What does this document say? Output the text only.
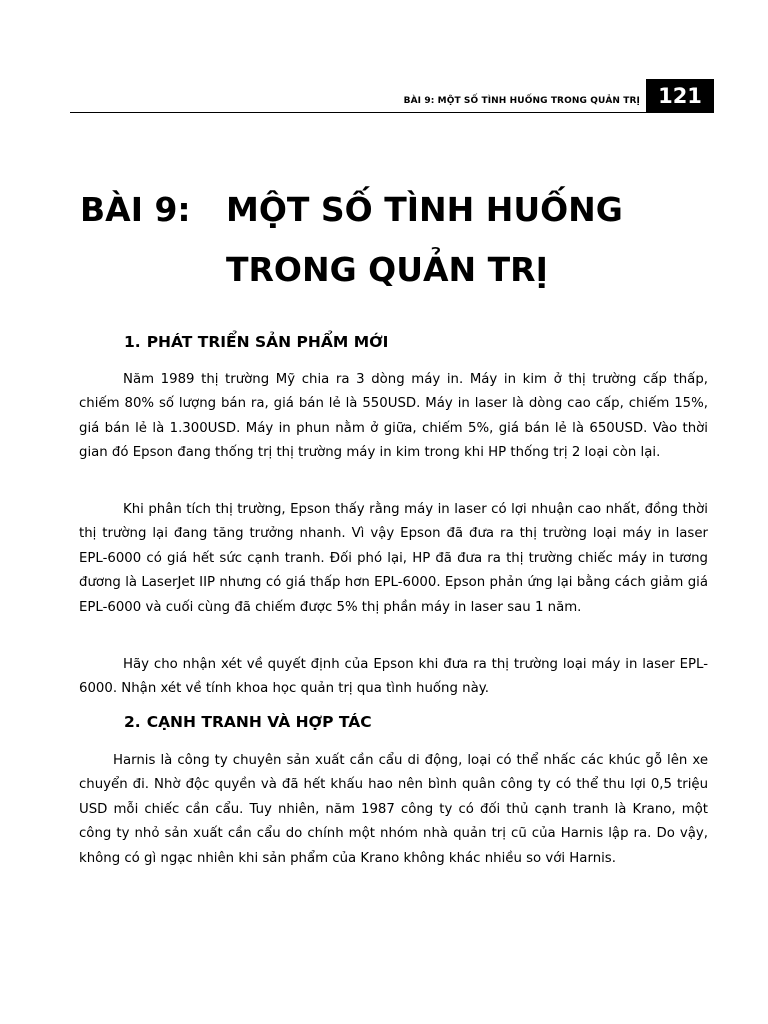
BÀI 9: MỘT SỐ TÌNH HUỐNG TRONG QUẢN TRỊ 121
BÀI 9: MỘT SỐ TÌNH HUỐNG
TRONG QUẢN TRỊ
1. PHÁT TRIỂN SẢN PHẨM MỚI

Năm 1989 thị trường Mỹ chia ra 3 dòng máy in. Máy in kim ở thị trường cấp thấp, chiếm 80% số lượng bán ra, giá bán lẻ là 550USD. Máy in laser là dòng cao cấp, chiếm 15%, giá bán lẻ là 1.300USD. Máy in phun nằm ở giữa, chiếm 5%, giá bán lẻ là 650USD. Vào thời gian đó Epson đang thống trị thị trường máy in kim trong khi HP thống trị 2 loại còn lại.

Khi phân tích thị trường, Epson thấy rằng máy in laser có lợi nhuận cao nhất, đồng thời thị trường lại đang tăng trưởng nhanh. Vì vậy Epson đã đưa ra thị trường loại máy in laser EPL-6000 có giá hết sức cạnh tranh. Đối phó lại, HP đã đưa ra thị trường chiếc máy in tương đương là LaserJet IIP nhưng có giá thấp hơn EPL-6000. Epson phản ứng lại bằng cách giảm giá EPL-6000 và cuối cùng đã chiếm được 5% thị phần máy in laser sau 1 năm.

Hãy cho nhận xét về quyết định của Epson khi đưa ra thị trường loại máy in laser EPL-6000. Nhận xét về tính khoa học quản trị qua tình huống này.

2. CẠNH TRANH VÀ HỢP TÁC

Harnis là công ty chuyên sản xuất cần cẩu di động, loại có thể nhấc các khúc gỗ lên xe chuyển đi. Nhờ độc quyền và đã hết khấu hao nên bình quân công ty có thể thu lợi 0,5 triệu USD mỗi chiếc cần cẩu. Tuy nhiên, năm 1987 công ty có đối thủ cạnh tranh là Krano, một công ty nhỏ sản xuất cần cẩu do chính một nhóm nhà quản trị cũ của Harnis lập ra. Do vậy, không có gì ngạc nhiên khi sản phẩm của Krano không khác nhiều so với Harnis.
